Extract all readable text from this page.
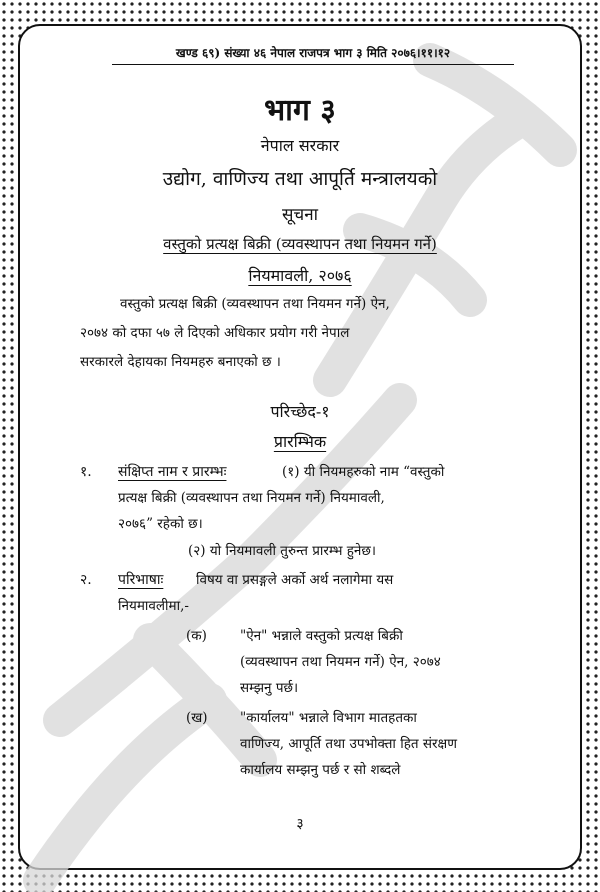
खण्ड ६९) संख्या ४६ नेपाल राजपत्र भाग ३ मिति २०७६।११।१२
भाग ३
नेपाल सरकार
उद्योग, वाणिज्य तथा आपूर्ति मन्त्रालयको
सूचना
वस्तुको प्रत्यक्ष बिक्री (व्यवस्थापन तथा नियमन गर्ने)
नियमावली, २०७६
वस्तुको प्रत्यक्ष बिक्री (व्यवस्थापन तथा नियमन गर्ने) ऐन,
२०७४ को दफा ५७ ले दिएको अधिकार प्रयोग गरी नेपाल
सरकारले देहायका नियमहरु बनाएको छ ।
परिच्छेद-१
प्रारम्भिक
१. संक्षिप्त नाम र प्रारम्भः	(१) यी नियमहरुको नाम “वस्तुको
प्रत्यक्ष बिक्री (व्यवस्थापन तथा नियमन गर्ने) नियमावली,
२०७६” रहेको छ।
(२) यो नियमावली तुरुन्त प्रारम्भ हुनेछ।
२. परिभाषाः विषय वा प्रसङ्गले अर्को अर्थ नलागेमा यस
नियमावलीमा,-
(क) "ऐन" भन्नाले वस्तुको प्रत्यक्ष बिक्री
(व्यवस्थापन तथा नियमन गर्ने) ऐन, २०७४
सम्झनु पर्छ।
(ख) "कार्यालय" भन्नाले विभाग मातहतका
वाणिज्य, आपूर्ति तथा उपभोक्ता हित संरक्षण
कार्यालय सम्झनु पर्छ र सो शब्दले
३
